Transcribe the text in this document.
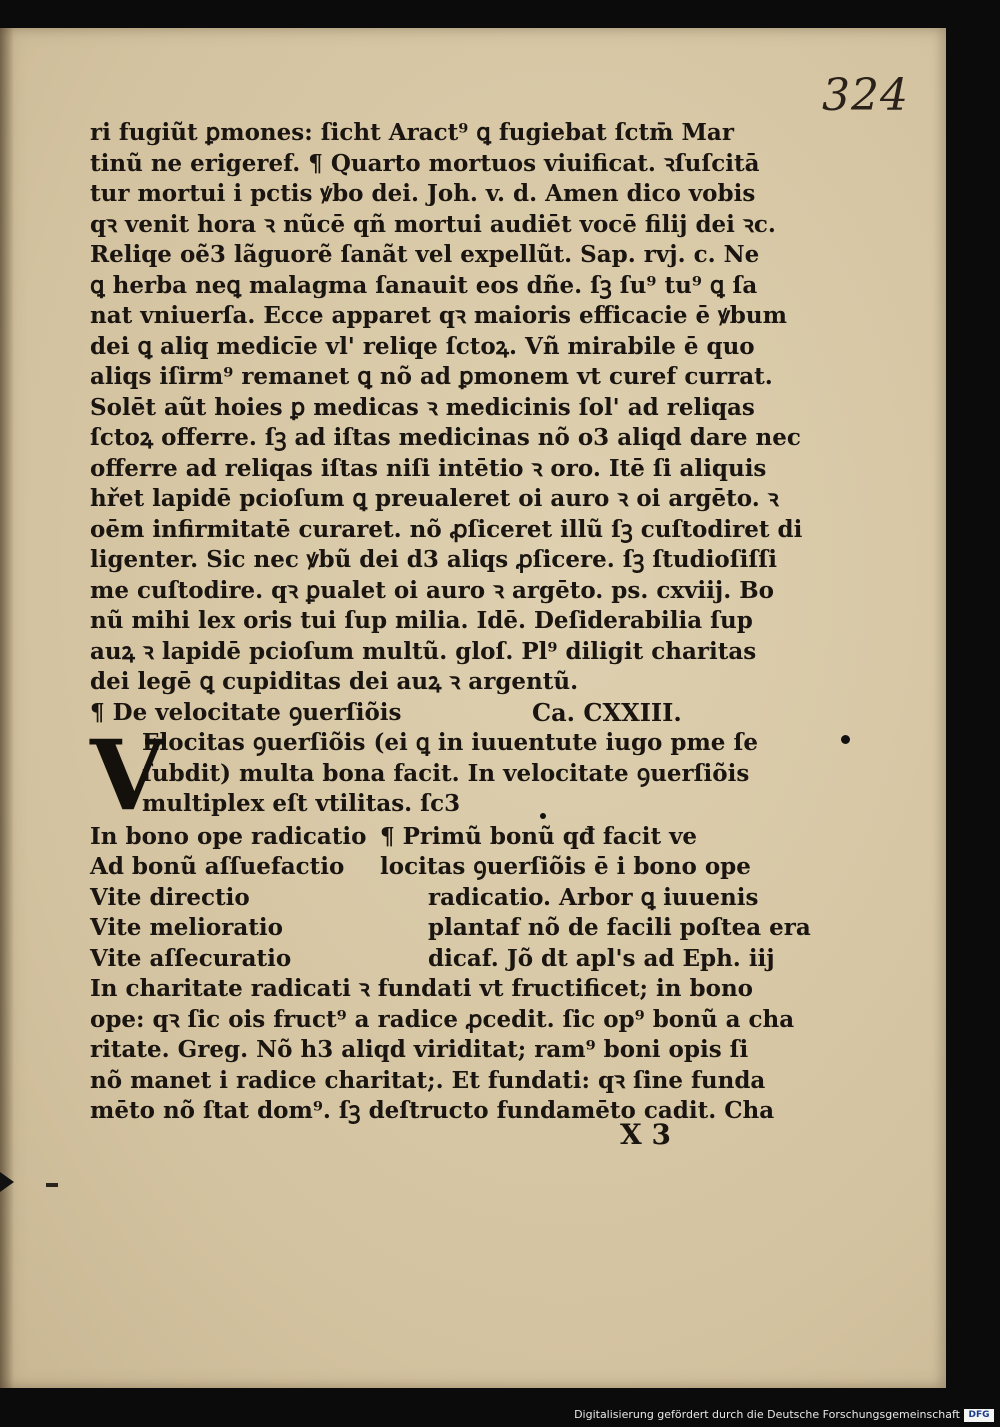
324
ri fugiũt ꝑmones: ſicht Aract⁹ ꝗ fugiebat ſctm̄ Mar
tinũ ne erigeref. ¶ Quarto mortuos viuificat. ꝛſuſcitā
tur mortui i pctis ꝟbo dei. Joh. v. d. Amen dico vobis
qꝛ venit hora ꝛ nũcē qñ mortui audiēt vocē filij dei ꝛc.
Reliqe oẽ3 lãguorẽ ſanãt vel expellũt. Sap. rvj. c. Ne
ꝗ herba neꝗ malagma ſanauit eos dñe. ſꝫ ſu⁹ tu⁹ ꝗ ſa
nat vniuerſa. Ecce apparet qꝛ maioris efficacie ē ꝟbum
dei ꝗ aliq medicīe vl' reliqe ſctoꝝ. Vñ mirabile ē quo
aliqs iſirm⁹ remanet ꝗ nõ ad ꝑmonem vt curef currat.
Solēt aũt hoies ꝑ medicas ꝛ medicinis ſol' ad reliqas
ſctoꝝ offerre. ſꝫ ad iſtas medicinas nõ o3 aliqd dare nec
offerre ad reliqas iſtas niſi intētio ꝛ oro. Itē ſi aliquis
hřet lapidē pcioſum ꝗ preualeret oi auro ꝛ oi argēto. ꝛ
oēm infirmitatē curaret. nõ ꝓſiceret illũ ſꝫ cuſtodiret di
ligenter. Sic nec ꝟbũ dei d3 aliqs ꝓſicere. ſꝫ ſtudioſiſſi
me cuſtodire. qꝛ ꝑualet oi auro ꝛ argēto. ps. cxviij. Bo
nũ mihi lex oris tui ſup milia. Idē. Deſiderabilia ſup
auꝝ ꝛ lapidē pcioſum multũ. gloſ. Pl⁹ diligit charitas
dei legē ꝗ cupiditas dei auꝝ ꝛ argentũ.
¶ De velocitate ꝯuerſiõis	Ca. CXXIII.
V
Elocitas ꝯuerſiõis (ei ꝗ in iuuentute iugo pme ſe
ſubdit) multa bona facit. In velocitate ꝯuerſiõis
multiplex eſt vtilitas. ſc3
In bono ope radicatio
Ad bonũ aſſuefactio
Vite directio
Vite melioratio
Vite aſſecuratio
¶ Primũ bonũ qđ facit ve
locitas ꝯuerſiõis ē i bono ope
radicatio. Arbor ꝗ iuuenis
plantaf nõ de facili poſtea era
dicaf. Jõ dt apl's ad Eph. iij
In charitate radicati ꝛ fundati vt fructificet; in bono
ope: qꝛ ſic ois fruct⁹ a radice ꝓcedit. ſic op⁹ bonũ a cha
ritate. Greg. Nõ h3 aliqd viriditat; ram⁹ boni opis ſi
nõ manet i radice charitat;. Et fundati: qꝛ ſine funda
mēto nõ ſtat dom⁹. ſꝫ deſtructo fundamēto cadit. Cha
X 3
Digitalisierung gefördert durch die Deutsche Forschungsgemeinschaft DFG
